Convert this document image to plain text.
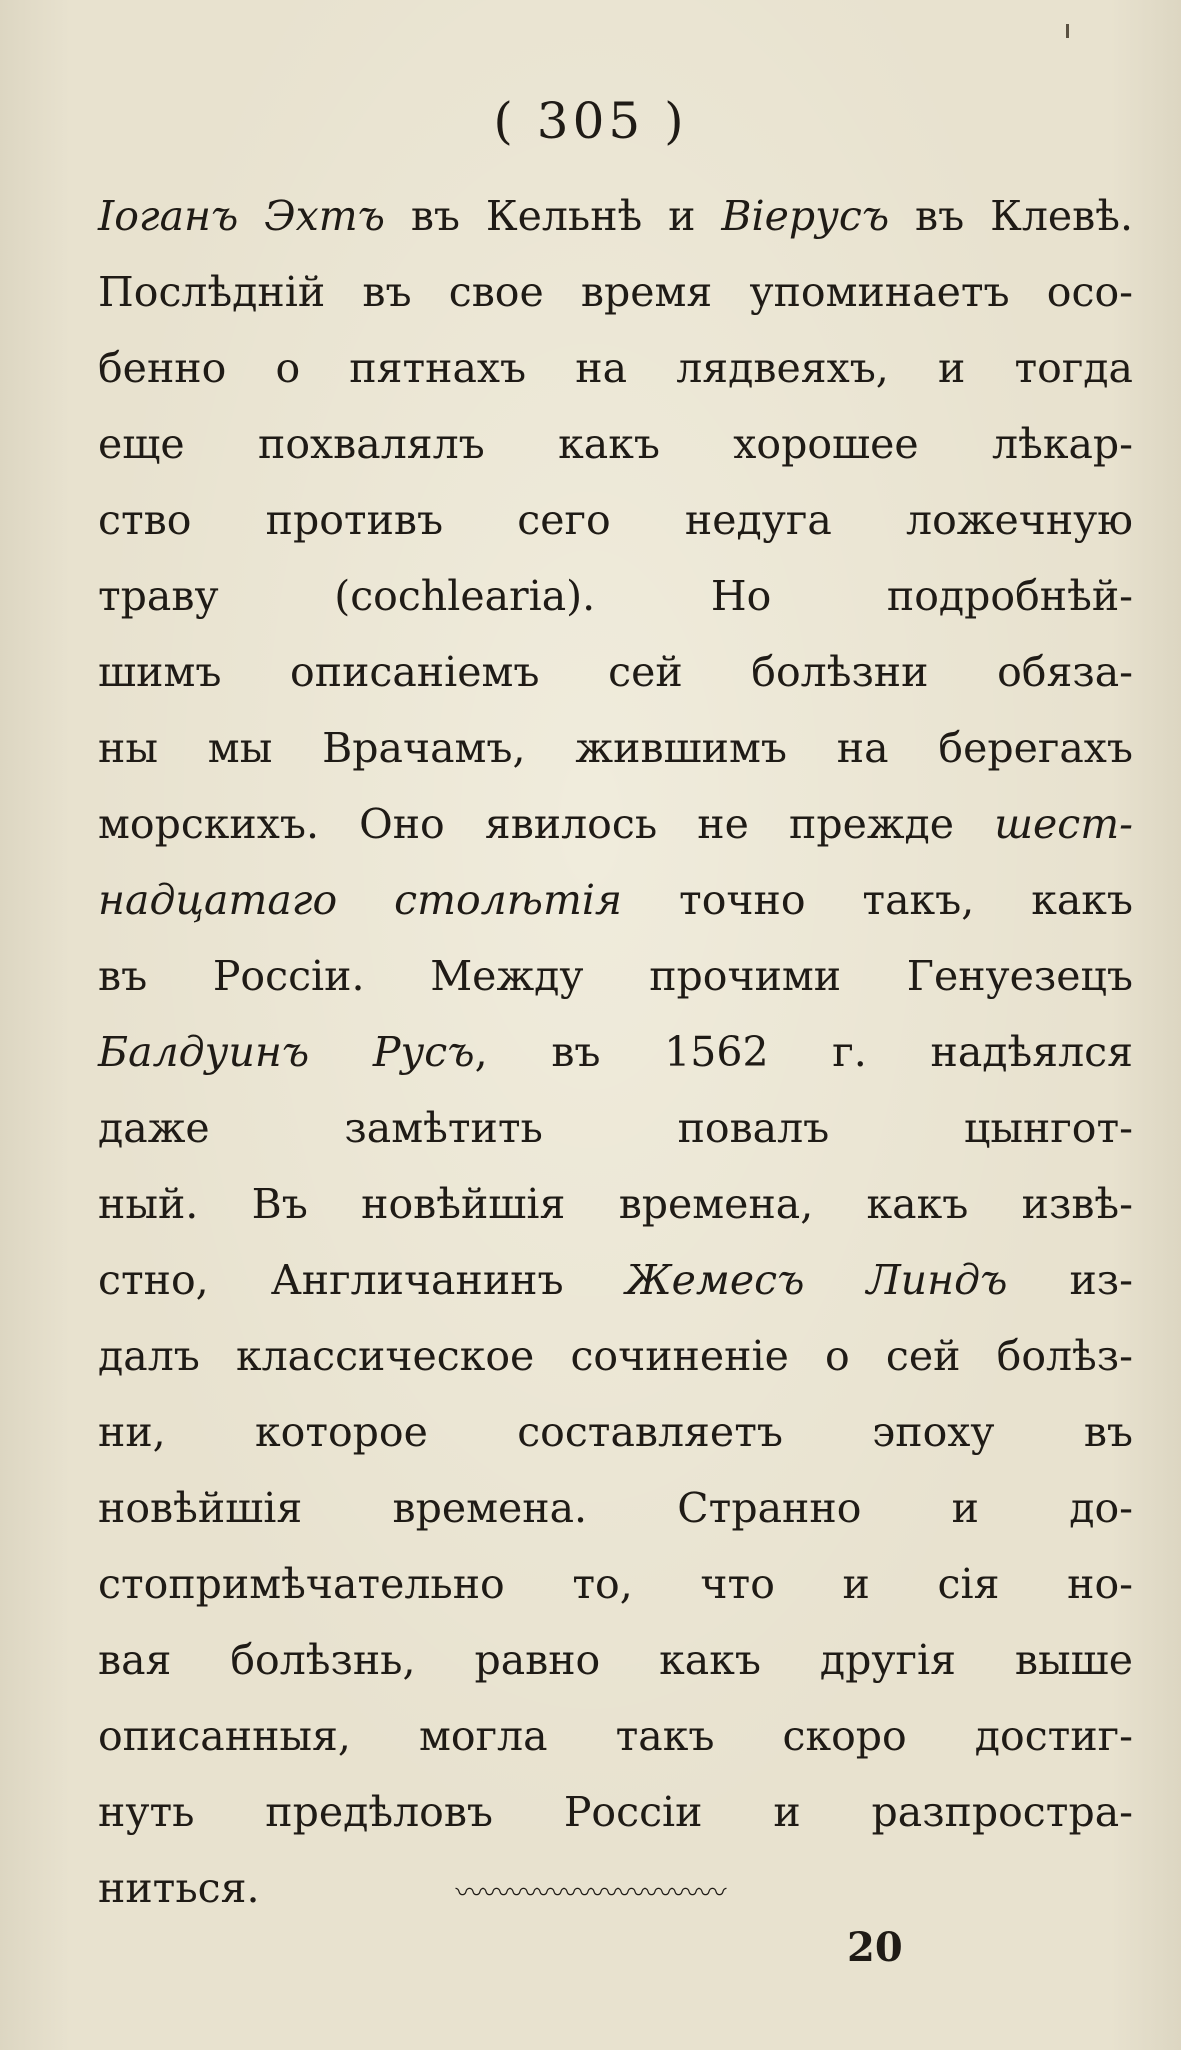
( 305 )
Іоганъ Эхтъ въ Кельнѣ и Віерусъ въ Клевѣ.
Послѣдній въ свое время упоминаетъ осо-
бенно о пятнахъ на лядвеяхъ, и тогда
еще похвалялъ какъ хорошее лѣкар-
ство противъ сего недуга ложечную
траву (cochlearia). Но подробнѣй-
шимъ описаніемъ сей болѣзни обяза-
ны мы Врачамъ, жившимъ на берегахъ
морскихъ. Оно явилось не прежде шест-
надцатаго столѣтія точно такъ, какъ
въ Россіи. Между прочими Генуезецъ
Балдуинъ Русъ, въ 1562 г. надѣялся
даже замѣтить повалъ цынгот-
ный. Въ новѣйшія времена, какъ извѣ-
стно, Англичанинъ Жемесъ Линдъ из-
далъ классическое сочиненіе о сей болѣз-
ни, которое составляетъ эпоху въ
новѣйшія времена. Странно и до-
стопримѣчательно то, что и сія но-
вая болѣзнь, равно какъ другія выше
описанныя, могла такъ скоро достиг-
нуть предѣловъ Россіи и разпростра-
ниться.	〰〰〰〰〰〰〰〰〰〰
20
